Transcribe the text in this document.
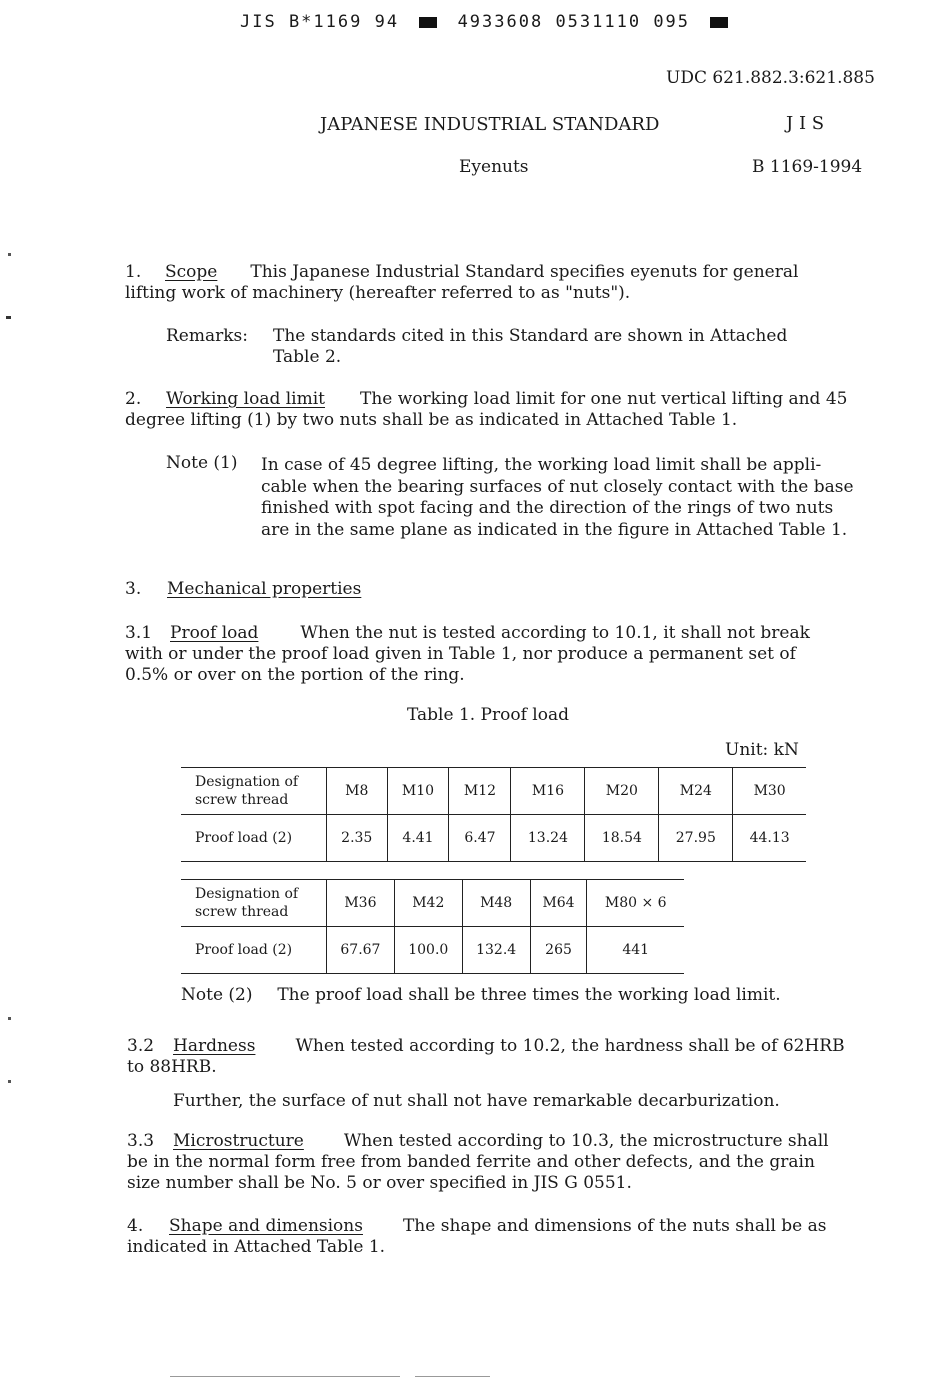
JIS B*1169 94	4933608 0531110 095
UDC 621.882.3:621.885
JAPANESE INDUSTRIAL STANDARD	J I S
Eyenuts	B 1169-1994
1. Scope This Japanese Industrial Standard specifies eyenuts for general
lifting work of machinery (hereafter referred to as "nuts").
Remarks: The standards cited in this Standard are shown in Attached
Table 2.
2. Working load limit The working load limit for one nut vertical lifting and 45
degree lifting (1) by two nuts shall be as indicated in Attached Table 1.
Note (1) In case of 45 degree lifting, the working load limit shall be appli-
cable when the bearing surfaces of nut closely contact with the base
finished with spot facing and the direction of the rings of two nuts
are in the same plane as indicated in the figure in Attached Table 1.
3. Mechanical properties
3.1 Proof load When the nut is tested according to 10.1, it shall not break
with or under the proof load given in Table 1, nor produce a permanent set of
0.5% or over on the portion of the ring.
Table 1. Proof load
Unit: kN
Designation of
screw thread	M8	M10	M12	M16	M20	M24	M30
Proof load (2)	2.35	4.41	6.47	13.24	18.54	27.95	44.13
Designation of
screw thread	M36	M42	M48	M64	M80 × 6
Proof load (2)	67.67	100.0	132.4	265	441
Note (2) The proof load shall be three times the working load limit.
3.2 Hardness When tested according to 10.2, the hardness shall be of 62HRB
to 88HRB.
Further, the surface of nut shall not have remarkable decarburization.
3.3 Microstructure When tested according to 10.3, the microstructure shall
be in the normal form free from banded ferrite and other defects, and the grain
size number shall be No. 5 or over specified in JIS G 0551.
4. Shape and dimensions The shape and dimensions of the nuts shall be as
indicated in Attached Table 1.
